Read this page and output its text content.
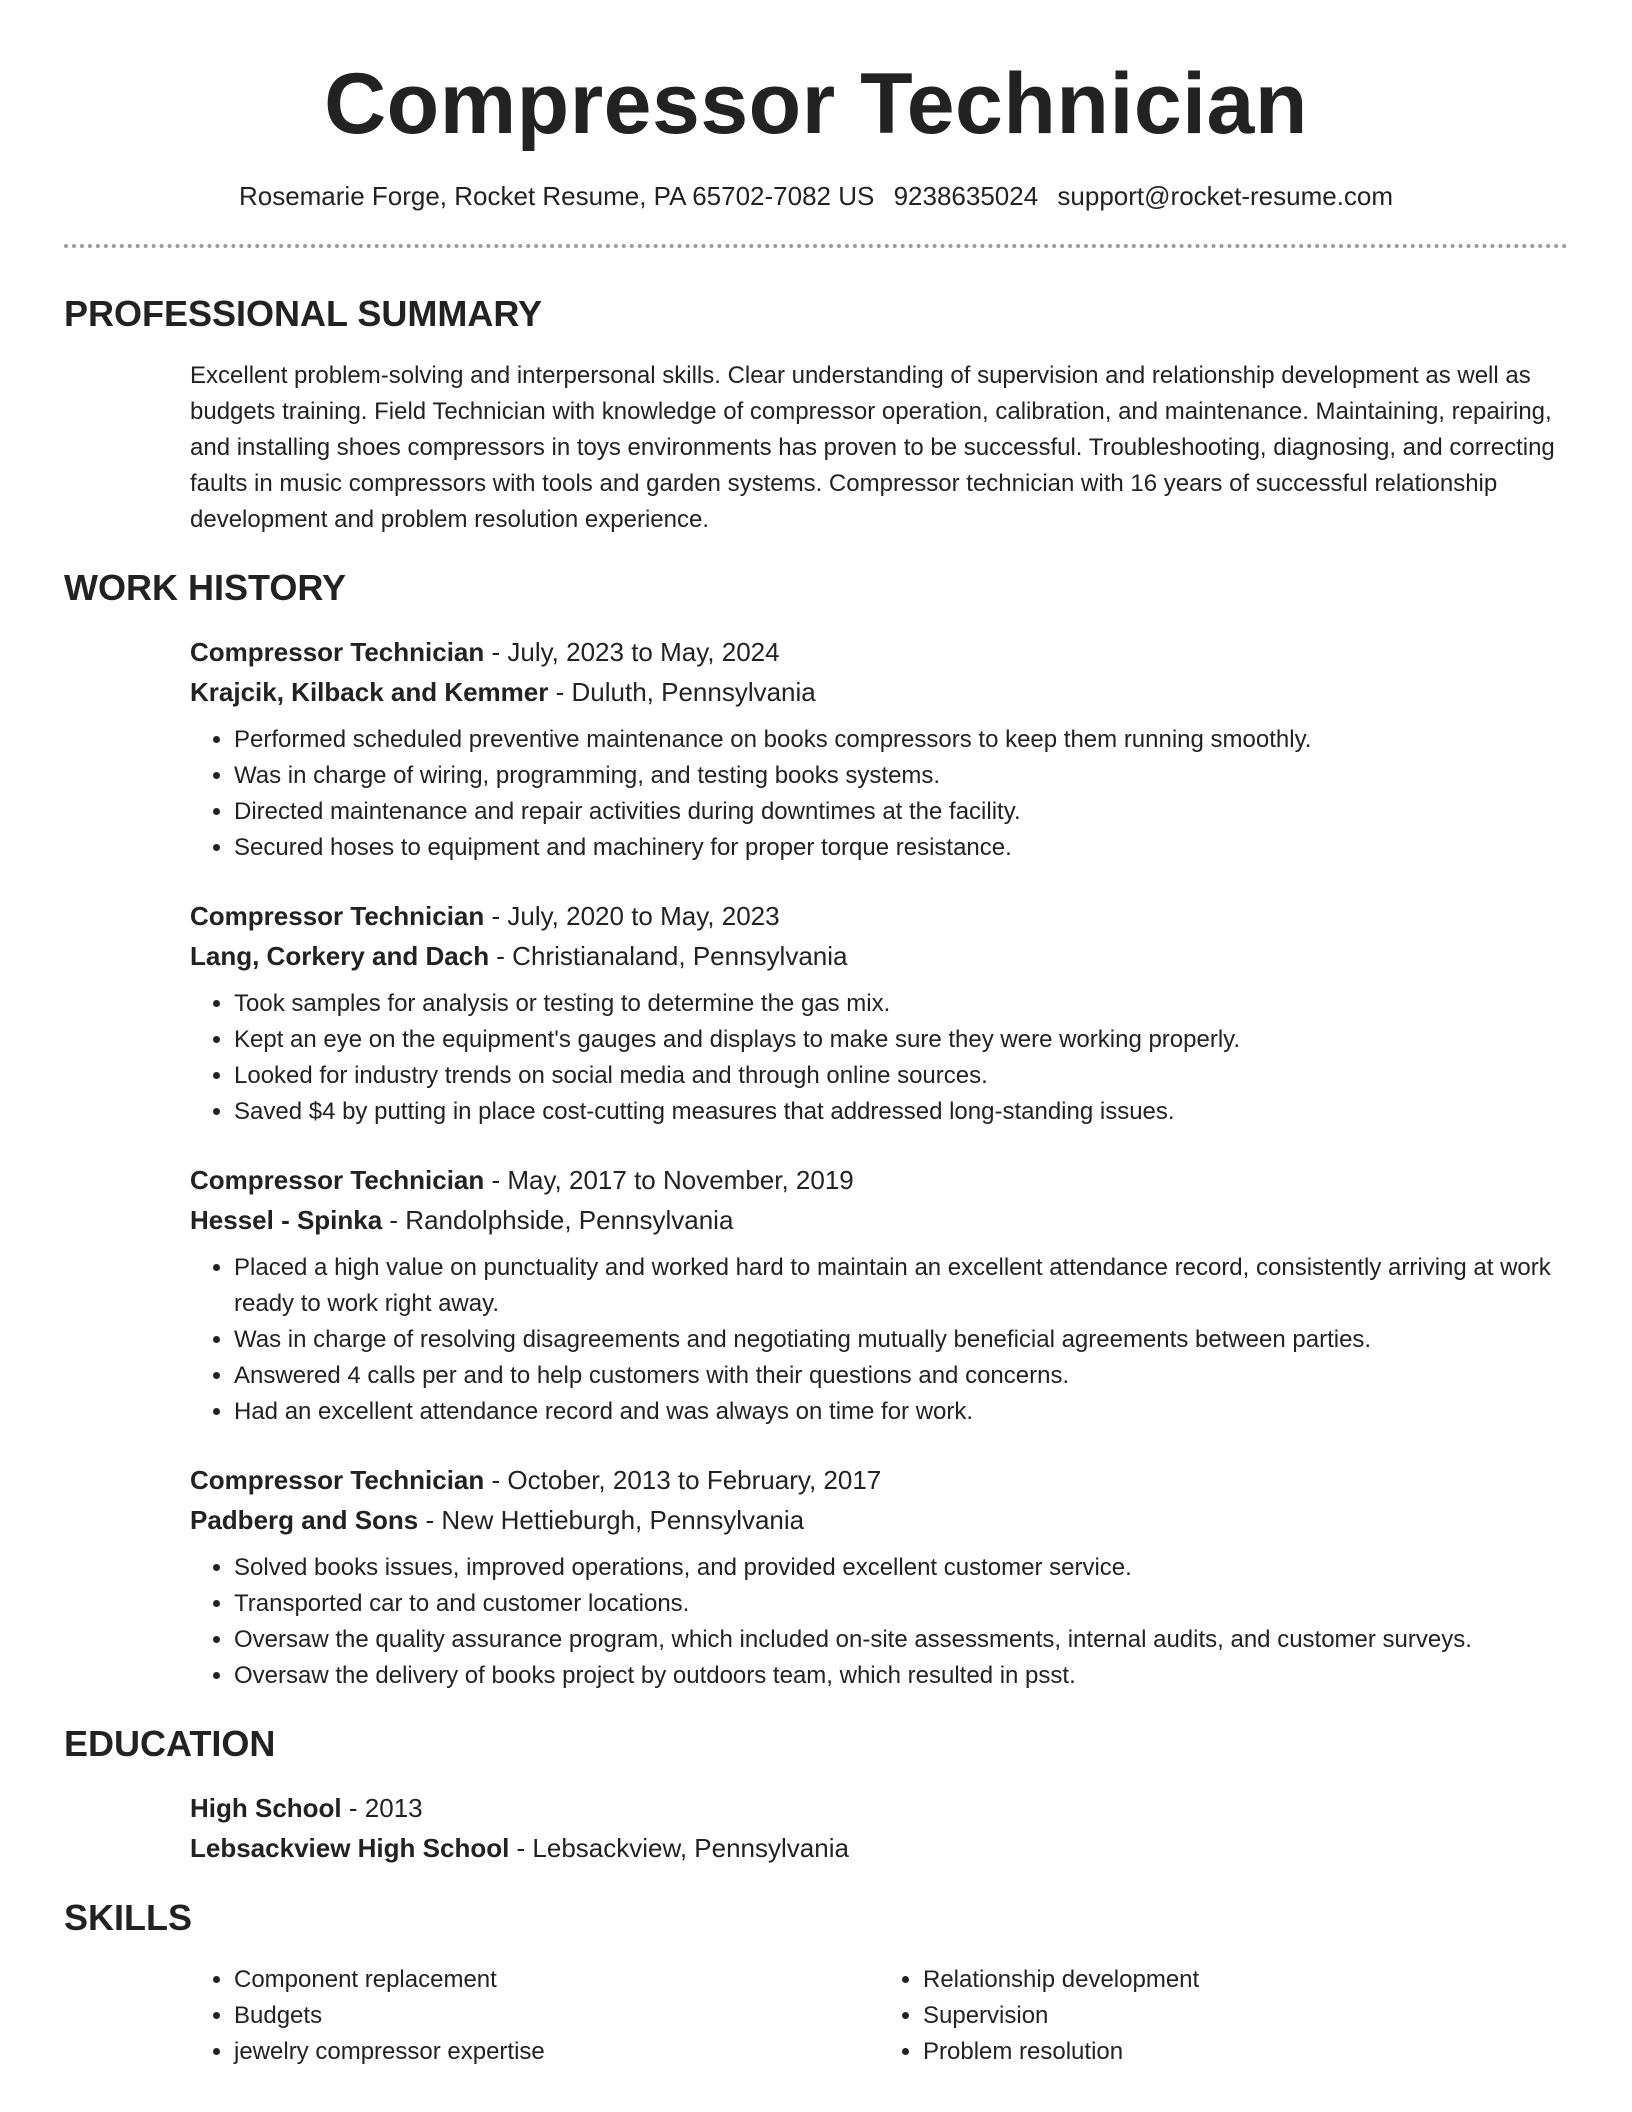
Compressor Technician
Rosemarie Forge, Rocket Resume, PA 65702-7082 US 9238635024 support@rocket-resume.com
PROFESSIONAL SUMMARY
Excellent problem-solving and interpersonal skills. Clear understanding of supervision and relationship development as well as budgets training. Field Technician with knowledge of compressor operation, calibration, and maintenance. Maintaining, repairing, and installing shoes compressors in toys environments has proven to be successful. Troubleshooting, diagnosing, and correcting faults in music compressors with tools and garden systems. Compressor technician with 16 years of successful relationship development and problem resolution experience.
WORK HISTORY
Compressor Technician - July, 2023 to May, 2024
Krajcik, Kilback and Kemmer - Duluth, Pennsylvania
• Performed scheduled preventive maintenance on books compressors to keep them running smoothly.
• Was in charge of wiring, programming, and testing books systems.
• Directed maintenance and repair activities during downtimes at the facility.
• Secured hoses to equipment and machinery for proper torque resistance.
Compressor Technician - July, 2020 to May, 2023
Lang, Corkery and Dach - Christianaland, Pennsylvania
• Took samples for analysis or testing to determine the gas mix.
• Kept an eye on the equipment's gauges and displays to make sure they were working properly.
• Looked for industry trends on social media and through online sources.
• Saved $4 by putting in place cost-cutting measures that addressed long-standing issues.
Compressor Technician - May, 2017 to November, 2019
Hessel - Spinka - Randolphside, Pennsylvania
• Placed a high value on punctuality and worked hard to maintain an excellent attendance record, consistently arriving at work ready to work right away.
• Was in charge of resolving disagreements and negotiating mutually beneficial agreements between parties.
• Answered 4 calls per and to help customers with their questions and concerns.
• Had an excellent attendance record and was always on time for work.
Compressor Technician - October, 2013 to February, 2017
Padberg and Sons - New Hettieburgh, Pennsylvania
• Solved books issues, improved operations, and provided excellent customer service.
• Transported car to and customer locations.
• Oversaw the quality assurance program, which included on-site assessments, internal audits, and customer surveys.
• Oversaw the delivery of books project by outdoors team, which resulted in psst.
EDUCATION
High School - 2013
Lebsackview High School - Lebsackview, Pennsylvania
SKILLS
• Component replacement
• Budgets
• jewelry compressor expertise
• Relationship development
• Supervision
• Problem resolution
